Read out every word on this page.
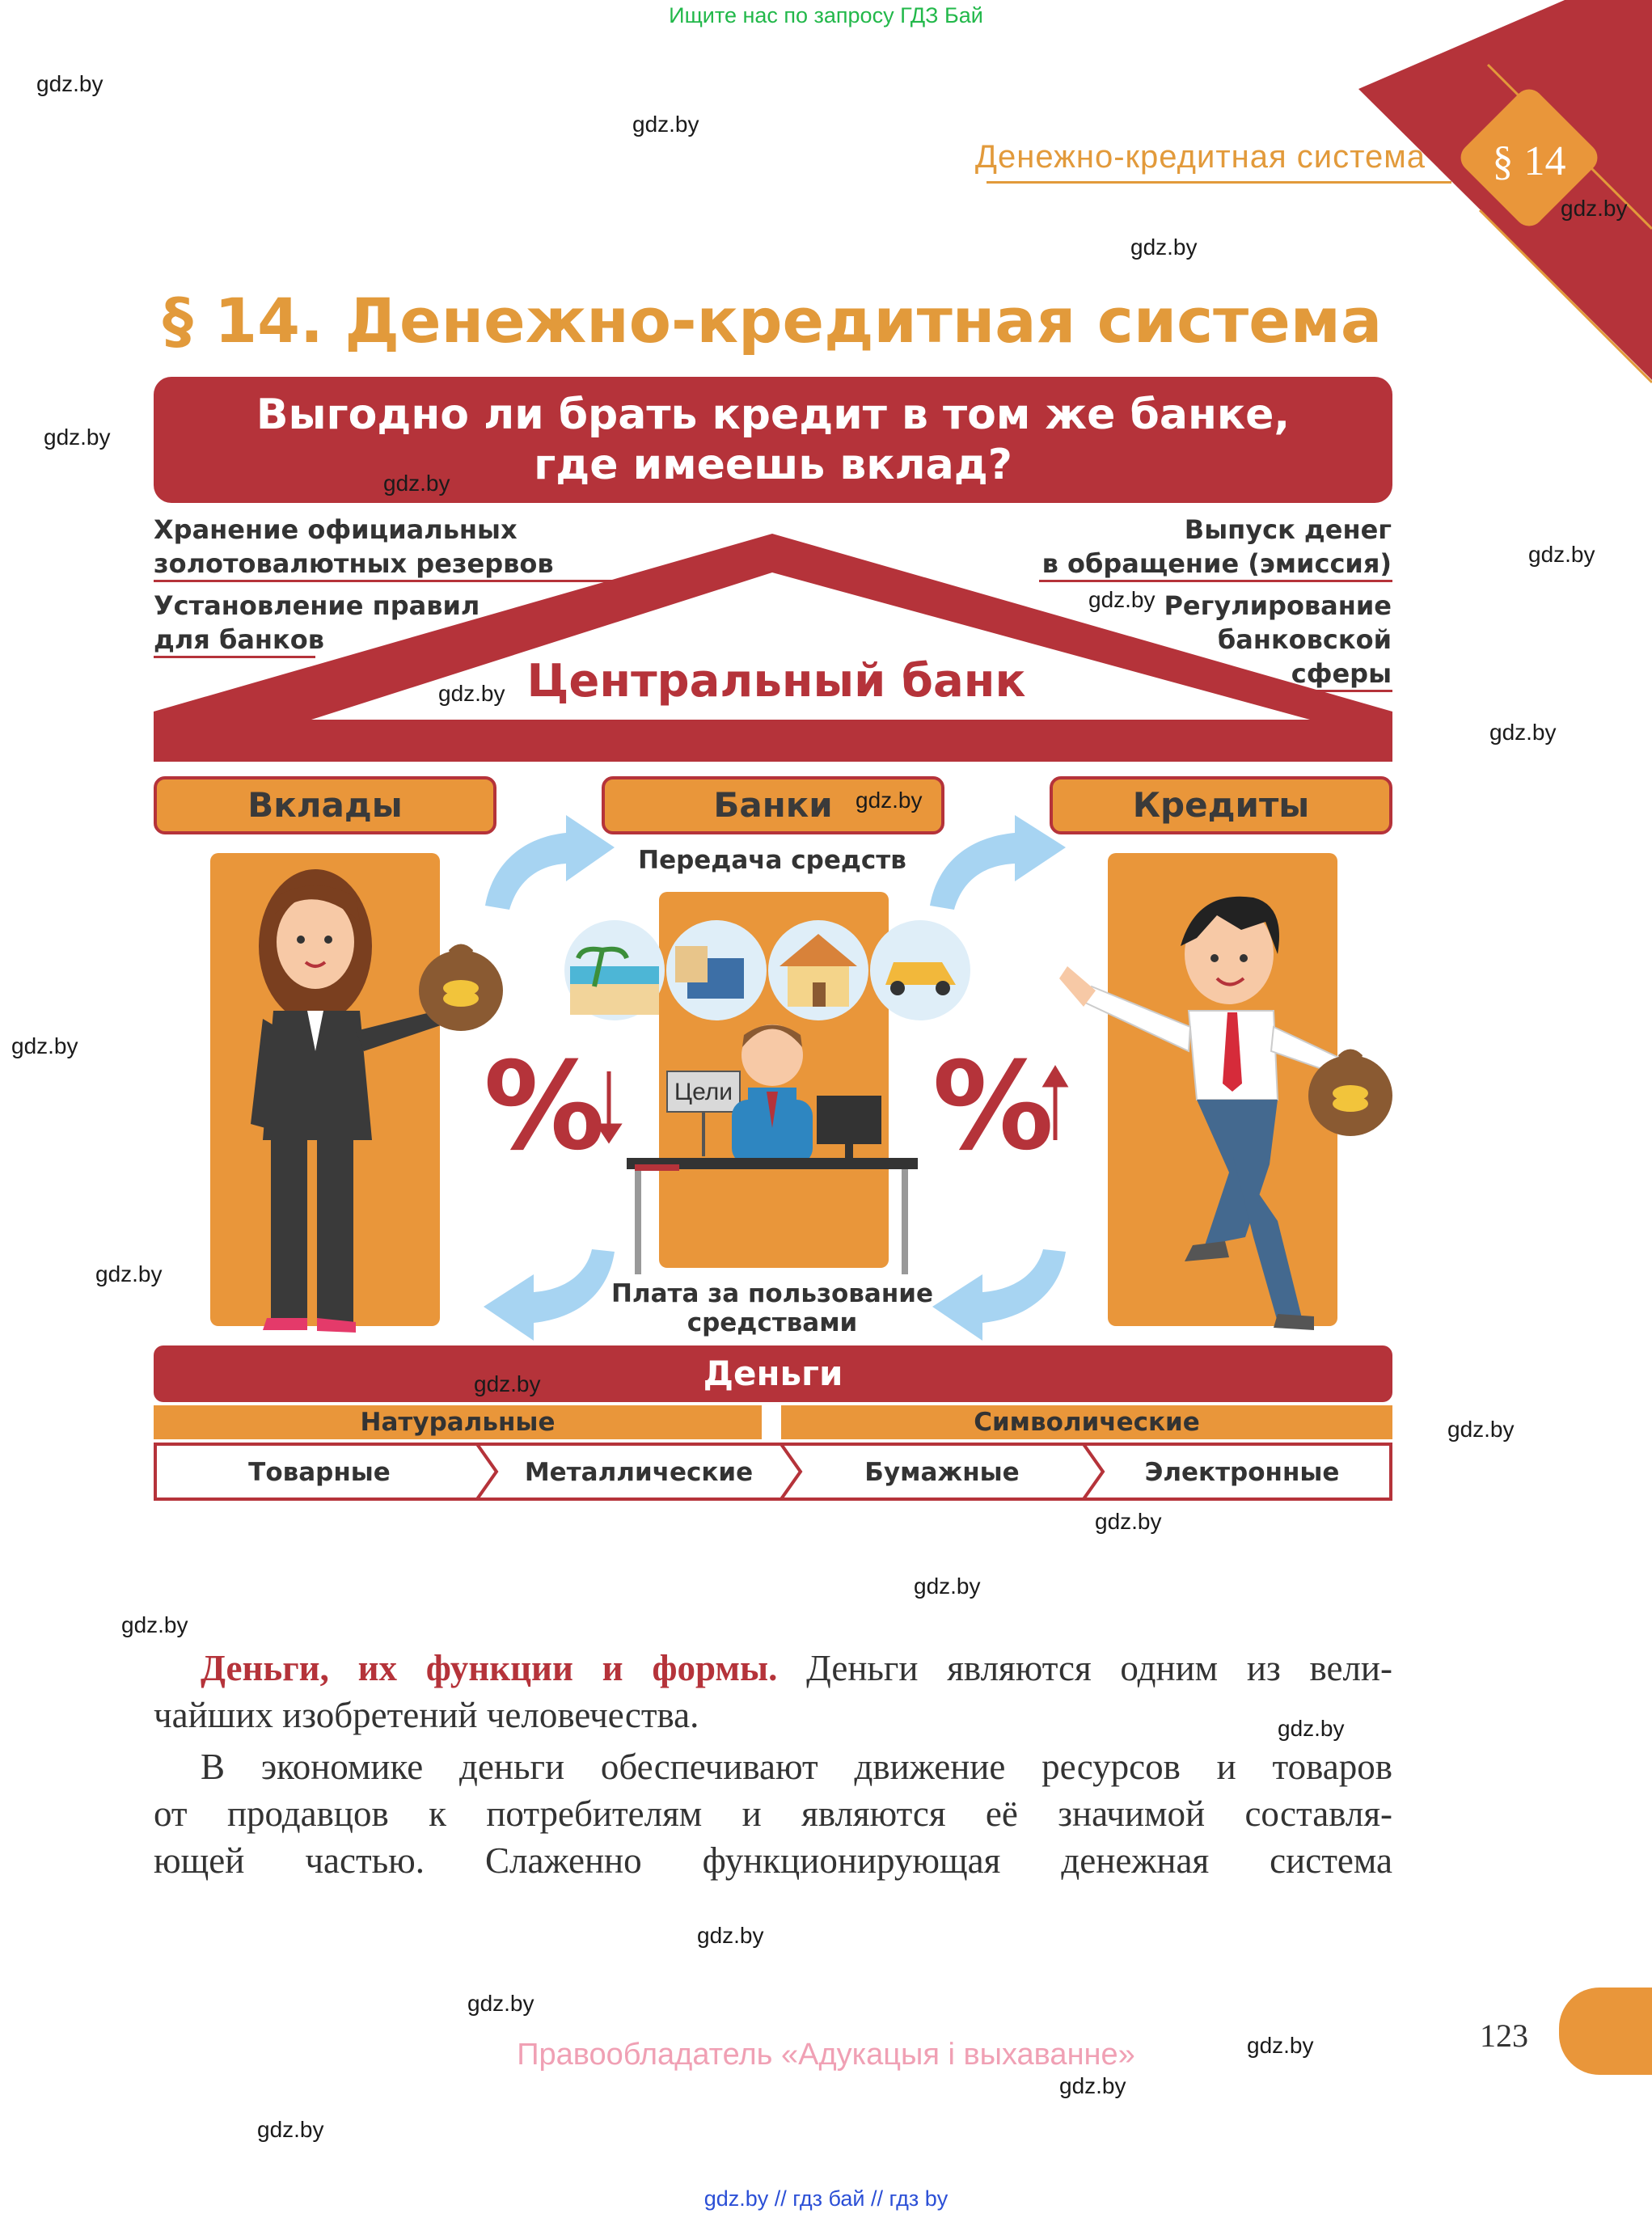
Ищите нас по запросу ГДЗ Бай
Денежно-кредитная система	§ 14
§ 14. Денежно-кредитная система
Выгодно ли брать кредит в том же банке,
где имеешь вклад?
Хранение официальных
золотовалютных резервов
Установление правил
для банков
Выпуск денег
в обращение (эмиссия)
Регулирование
банковской
сферы
Центральный банк
Вклады	Банки	Кредиты
Передача средств
Плата за пользование
средствами
%	%
Цели
Деньги
Натуральные	Символические
Товарные	Металлические	Бумажные	Электронные
Деньги, их функции и формы. Деньги являются одним из вели-
чайших изобретений человечества.
В экономике деньги обеспечивают движение ресурсов и товаров
от продавцов к потребителям и являются её значимой составля-
ющей частью. Слаженно функционирующая денежная система
123
Правообладатель «Адукацыя і выхаванне»
gdz.by // гдз бай // гдз by
gdz.by
gdz.by
gdz.by
gdz.by
gdz.by
gdz.by
gdz.by
gdz.by
gdz.by
gdz.by
gdz.by
gdz.by
gdz.by
gdz.by
gdz.by
gdz.by
gdz.by
gdz.by
gdz.by
gdz.by
gdz.by
gdz.by
gdz.by
gdz.by
